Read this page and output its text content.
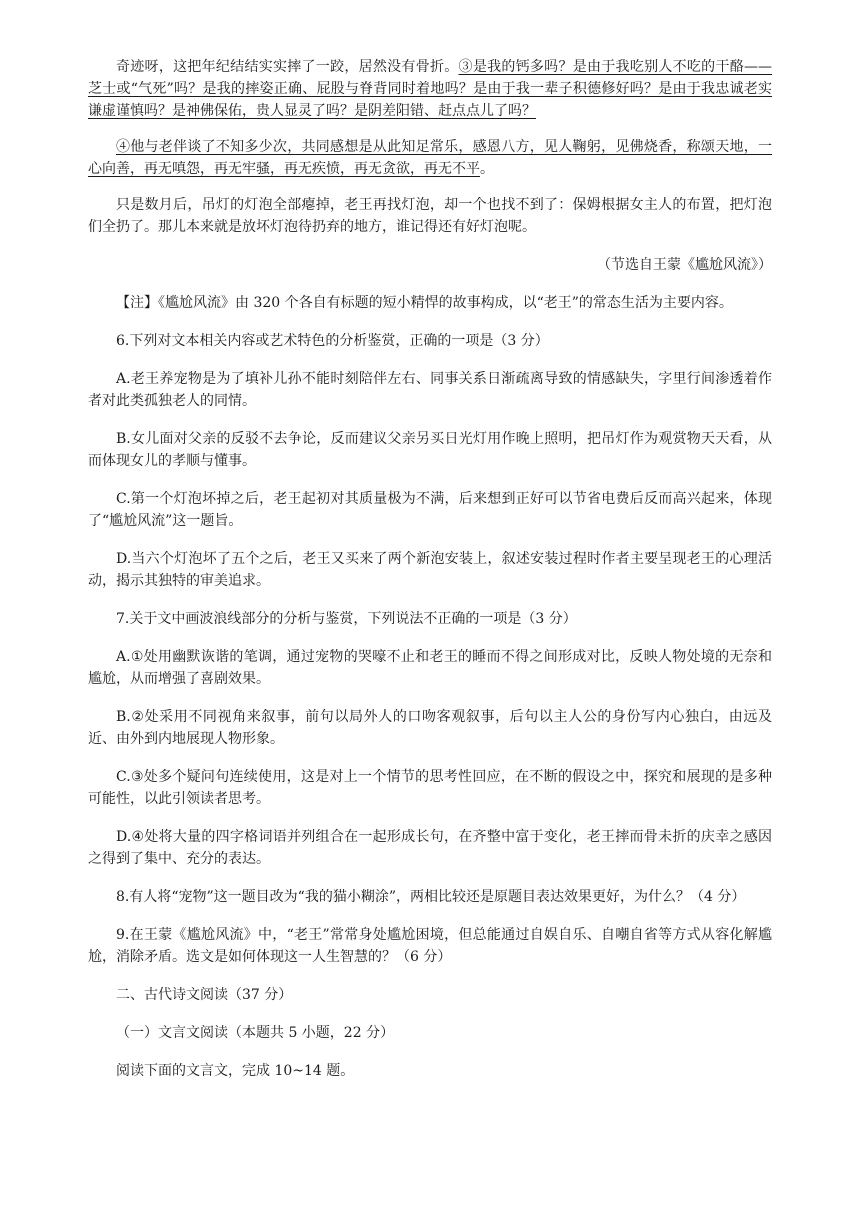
奇迹呀，这把年纪结结实实摔了一跤，居然没有骨折。③是我的钙多吗？是由于我吃别人不吃的干酪——芝士或“气死”吗？是我的摔姿正确、屁股与脊背同时着地吗？是由于我一辈子积德修好吗？是由于我忠诚老实谦虚谨慎吗？是神佛保佑，贵人显灵了吗？是阴差阳错、赶点点儿了吗？

④他与老伴谈了不知多少次，共同感想是从此知足常乐，感恩八方，见人鞠躬，见佛烧香，称颂天地，一心向善，再无嗔怨，再无牢骚，再无疾愤，再无贪欲，再无不平。

只是数月后，吊灯的灯泡全部瘪掉，老王再找灯泡，却一个也找不到了：保姆根据女主人的布置，把灯泡们全扔了。那儿本来就是放坏灯泡待扔弃的地方，谁记得还有好灯泡呢。

（节选自王蒙《尴尬风流》）

【注】《尴尬风流》由 320 个各自有标题的短小精悍的故事构成，以“老王”的常态生活为主要内容。

6.下列对文本相关内容或艺术特色的分析鉴赏，正确的一项是（3 分）

A.老王养宠物是为了填补儿孙不能时刻陪伴左右、同事关系日渐疏离导致的情感缺失，字里行间渗透着作者对此类孤独老人的同情。

B.女儿面对父亲的反驳不去争论，反而建议父亲另买日光灯用作晚上照明，把吊灯作为观赏物天天看，从而体现女儿的孝顺与懂事。

C.第一个灯泡坏掉之后，老王起初对其质量极为不满，后来想到正好可以节省电费后反而高兴起来，体现了“尴尬风流”这一题旨。

D.当六个灯泡坏了五个之后，老王又买来了两个新泡安装上，叙述安装过程时作者主要呈现老王的心理活动，揭示其独特的审美追求。

7.关于文中画波浪线部分的分析与鉴赏，下列说法不正确的一项是（3 分）

A.①处用幽默诙谐的笔调，通过宠物的哭嚎不止和老王的睡而不得之间形成对比，反映人物处境的无奈和尴尬，从而增强了喜剧效果。

B.②处采用不同视角来叙事，前句以局外人的口吻客观叙事，后句以主人公的身份写内心独白，由远及近、由外到内地展现人物形象。

C.③处多个疑问句连续使用，这是对上一个情节的思考性回应，在不断的假设之中，探究和展现的是多种可能性，以此引领读者思考。

D.④处将大量的四字格词语并列组合在一起形成长句，在齐整中富于变化，老王摔而骨未折的庆幸之感因之得到了集中、充分的表达。

8.有人将“宠物”这一题目改为“我的猫小糊涂”，两相比较还是原题目表达效果更好，为什么？（4 分）

9.在王蒙《尴尬风流》中，“老王”常常身处尴尬困境，但总能通过自娱自乐、自嘲自省等方式从容化解尴尬，消除矛盾。选文是如何体现这一人生智慧的？（6 分）

二、古代诗文阅读（37 分）

（一）文言文阅读（本题共 5 小题，22 分）

阅读下面的文言文，完成 10~14 题。
